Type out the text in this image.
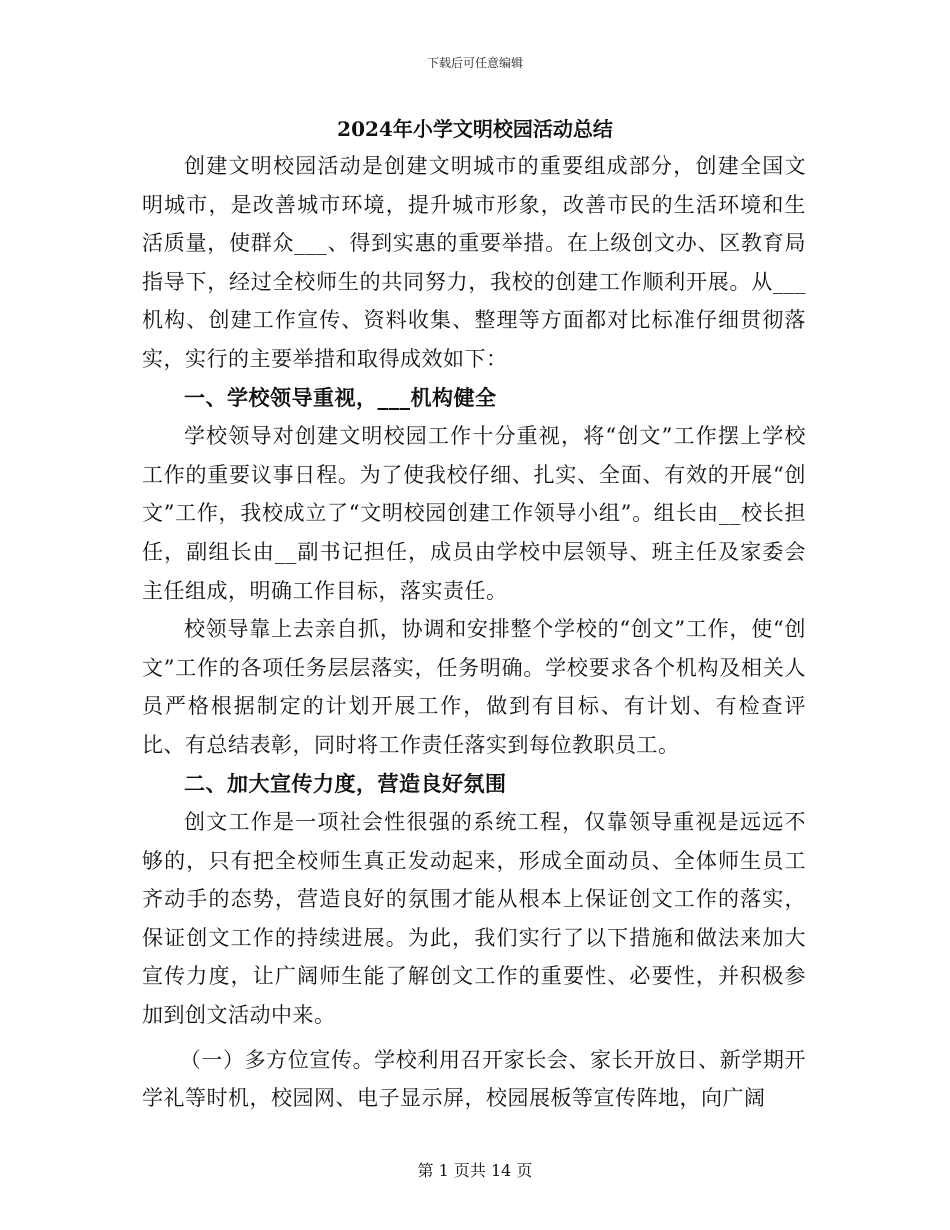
下载后可任意编辑
2024年小学文明校园活动总结

创建文明校园活动是创建文明城市的重要组成部分，创建全国文明城市，是改善城市环境，提升城市形象，改善市民的生活环境和生活质量，使群众___、得到实惠的重要举措。在上级创文办、区教育局指导下，经过全校师生的共同努力，我校的创建工作顺利开展。从___机构、创建工作宣传、资料收集、整理等方面都对比标准仔细贯彻落实，实行的主要举措和取得成效如下：

一、学校领导重视，___机构健全

学校领导对创建文明校园工作十分重视，将“创文”工作摆上学校工作的重要议事日程。为了使我校仔细、扎实、全面、有效的开展“创文”工作，我校成立了“文明校园创建工作领导小组”。组长由__校长担任，副组长由__副书记担任，成员由学校中层领导、班主任及家委会主任组成，明确工作目标，落实责任。

校领导靠上去亲自抓，协调和安排整个学校的“创文”工作，使“创文”工作的各项任务层层落实，任务明确。学校要求各个机构及相关人员严格根据制定的计划开展工作，做到有目标、有计划、有检查评比、有总结表彰，同时将工作责任落实到每位教职员工。

二、加大宣传力度，营造良好氛围

创文工作是一项社会性很强的系统工程，仅靠领导重视是远远不够的，只有把全校师生真正发动起来，形成全面动员、全体师生员工齐动手的态势，营造良好的氛围才能从根本上保证创文工作的落实，保证创文工作的持续进展。为此，我们实行了以下措施和做法来加大宣传力度，让广阔师生能了解创文工作的重要性、必要性，并积极参加到创文活动中来。

（一）多方位宣传。学校利用召开家长会、家长开放日、新学期开学礼等时机，校园网、电子显示屏，校园展板等宣传阵地，向广阔

第 1 页共 14 页
